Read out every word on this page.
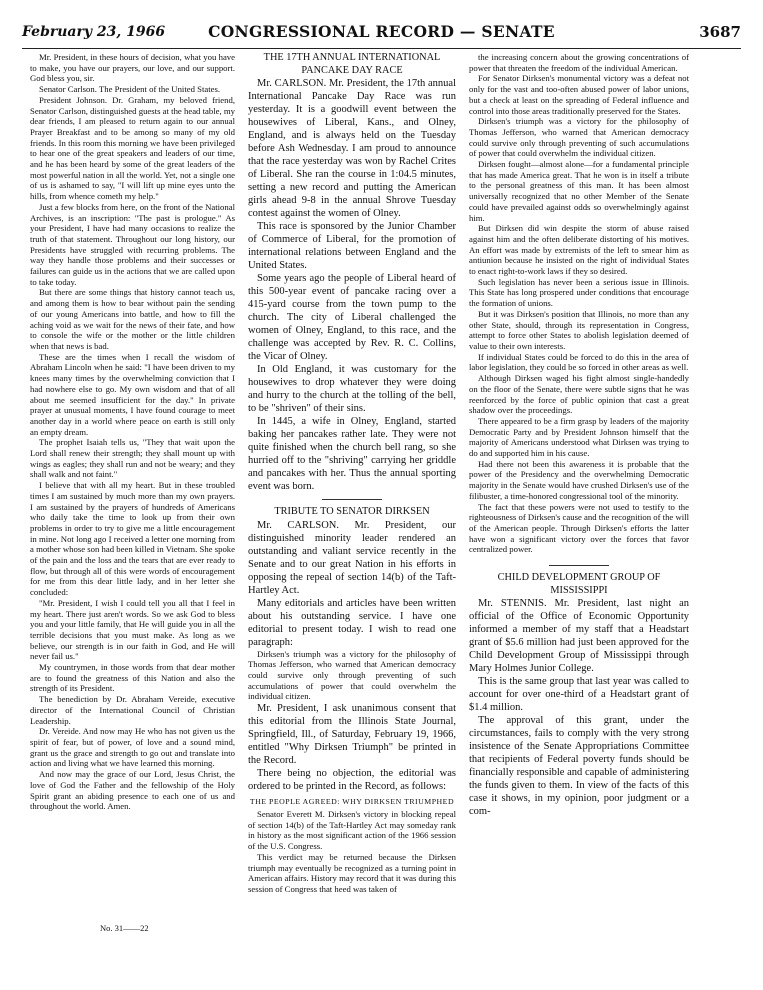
February 23, 1966	CONGRESSIONAL RECORD — SENATE	3687

Mr. President, in these hours of decision, what you have to make, you have our prayers, our love, and our support. God bless you, sir.

Senator Carlson. The President of the United States.

President Johnson. Dr. Graham, my beloved friend, Senator Carlson, distinguished guests at the head table, my dear friends, I am pleased to return again to our annual Prayer Breakfast and to be among so many of my old friends. In this room this morning we have been privileged to hear one of the great speakers and leaders of our time, and he has been heard by some of the great leaders of the most powerful nation in all the world. Yet, not a single one of us is ashamed to say, "I will lift up mine eyes unto the hills, from whence cometh my help."

Just a few blocks from here, on the front of the National Archives, is an inscription: "The past is prologue." As your President, I have had many occasions to realize the truth of that statement. Throughout our long history, our Presidents have struggled with recurring problems. The way they handle those problems and their successes or failures can guide us in the actions that we are called upon to take today.

But there are some things that history cannot teach us, and among them is how to bear without pain the sending of our young Americans into battle, and how to fill the aching void as we wait for the news of their fate, and how to console the wife or the mother or the little children when that news is bad.

These are the times when I recall the wisdom of Abraham Lincoln when he said: "I have been driven to my knees many times by the overwhelming conviction that I had nowhere else to go. My own wisdom and that of all about me seemed insufficient for the day." In private prayer at unusual moments, I have found courage to meet another day in a world where peace on earth is still only an empty dream.

The prophet Isaiah tells us, "They that wait upon the Lord shall renew their strength; they shall mount up with wings as eagles; they shall run and not be weary; and they shall walk and not faint."

I believe that with all my heart. But in these troubled times I am sustained by much more than my own prayers. I am sustained by the prayers of hundreds of Americans who daily take the time to look up from their own problems in order to try to give me a little encouragement in mine. Not long ago I received a letter one morning from a mother whose son had been killed in Vietnam. She spoke of the pain and the loss and the tears that are ever ready to flow, but through all of this were words of encouragement for me from this dear little lady, and in her letter she concluded:

"Mr. President, I wish I could tell you all that I feel in my heart. There just aren't words. So we ask God to bless you and your little family, that He will guide you in all the terrible decisions that you must make. As long as we believe, our strength is in our faith in God, and He will never fail us."

My countrymen, in those words from that dear mother are to found the greatness of this Nation and also the strength of its President.

The benediction by Dr. Abraham Vereide, executive director of the International Council of Christian Leadership.

Dr. Vereide. And now may He who has not given us the spirit of fear, but of power, of love and a sound mind, grant us the grace and strength to go out and translate into action and living what we have learned this morning.

And now may the grace of our Lord, Jesus Christ, the love of God the Father and the fellowship of the Holy Spirit grant an abiding presence to each one of us and throughout the world. Amen.

THE 17TH ANNUAL INTERNATIONAL PANCAKE DAY RACE

Mr. CARLSON. Mr. President, the 17th annual International Pancake Day Race was run yesterday. It is a goodwill event between the housewives of Liberal, Kans., and Olney, England, and is always held on the Tuesday before Ash Wednesday. I am proud to announce that the race yesterday was won by Rachel Crites of Liberal. She ran the course in 1:04.5 minutes, setting a new record and putting the American girls ahead 9-8 in the annual Shrove Tuesday contest against the women of Olney.

This race is sponsored by the Junior Chamber of Commerce of Liberal, for the promotion of international relations between England and the United States.

Some years ago the people of Liberal heard of this 500-year event of pancake racing over a 415-yard course from the town pump to the church. The city of Liberal challenged the women of Olney, England, to this race, and the challenge was accepted by Rev. R. C. Collins, the Vicar of Olney.

In Old England, it was customary for the housewives to drop whatever they were doing and hurry to the church at the tolling of the bell, to be "shriven" of their sins.

In 1445, a wife in Olney, England, started baking her pancakes rather late. They were not quite finished when the church bell rang, so she hurried off to the "shriving" carrying her griddle and pancakes with her. Thus the annual sporting event was born.

TRIBUTE TO SENATOR DIRKSEN

Mr. CARLSON. Mr. President, our distinguished minority leader rendered an outstanding and valiant service recently in the Senate and to our great Nation in his efforts in opposing the repeal of section 14(b) of the Taft-Hartley Act.

Many editorials and articles have been written about his outstanding service. I have one editorial to present today. I wish to read one paragraph:

Dirksen's triumph was a victory for the philosophy of Thomas Jefferson, who warned that American democracy could survive only through preventing of such accumulations of power that could overwhelm the individual citizen.

Mr. President, I ask unanimous consent that this editorial from the Illinois State Journal, Springfield, Ill., of Saturday, February 19, 1966, entitled "Why Dirksen Triumph" be printed in the Record.

There being no objection, the editorial was ordered to be printed in the Record, as follows:

THE PEOPLE AGREED: WHY DIRKSEN TRIUMPHED

Senator Everett M. Dirksen's victory in blocking repeal of section 14(b) of the Taft-Hartley Act may someday rank in history as the most significant action of the 1966 session of the U.S. Congress.

This verdict may be returned because the Dirksen triumph may eventually be recognized as a turning point in American affairs. History may record that it was during this session of Congress that heed was taken of

the increasing concern about the growing concentrations of power that threaten the freedom of the individual American.

For Senator Dirksen's monumental victory was a defeat not only for the vast and too-often abused power of labor unions, but a check at least on the spreading of Federal influence and control into those areas traditionally preserved for the States.

Dirksen's triumph was a victory for the philosophy of Thomas Jefferson, who warned that American democracy could survive only through preventing of such accumulations of power that could overwhelm the individual citizen.

Dirksen fought—almost alone—for a fundamental principle that has made America great. That he won is in itself a tribute to the personal greatness of this man. It has been almost universally recognized that no other Member of the Senate could have prevailed against odds so overwhelmingly against him.

But Dirksen did win despite the storm of abuse raised against him and the often deliberate distorting of his motives. An effort was made by extremists of the left to smear him as antiunion because he insisted on the right of individual States to enact right-to-work laws if they so desired.

Such legislation has never been a serious issue in Illinois. This State has long prospered under conditions that encourage the formation of unions.

But it was Dirksen's position that Illinois, no more than any other State, should, through its representation in Congress, attempt to force other States to abolish legislation deemed of value to their own interests.

If individual States could be forced to do this in the area of labor legislation, they could be so forced in other areas as well.

Although Dirksen waged his fight almost single-handedly on the floor of the Senate, there were subtle signs that he was reenforced by the force of public opinion that cast a great shadow over the proceedings.

There appeared to be a firm grasp by leaders of the majority Democratic Party and by President Johnson himself that the majority of Americans understood what Dirksen was trying to do and supported him in his cause.

Had there not been this awareness it is probable that the power of the Presidency and the overwhelming Democratic majority in the Senate would have crushed Dirksen's use of the filibuster, a time-honored congressional tool of the minority.

The fact that these powers were not used to testify to the righteousness of Dirksen's cause and the recognition of the will of the American people. Through Dirksen's efforts the latter have won a significant victory over the forces that favor centralized power.

CHILD DEVELOPMENT GROUP OF MISSISSIPPI

Mr. STENNIS. Mr. President, last night an official of the Office of Economic Opportunity informed a member of my staff that a Headstart grant of $5.6 million had just been approved for the Child Development Group of Mississippi through Mary Holmes Junior College.

This is the same group that last year was called to account for over one-third of a Headstart grant of $1.4 million.

The approval of this grant, under the circumstances, fails to comply with the very strong insistence of the Senate Appropriations Committee that recipients of Federal poverty funds should be financially responsible and capable of administering the funds given to them. In view of the facts of this case it shows, in my opinion, poor judgment or a com-

No. 31——22
